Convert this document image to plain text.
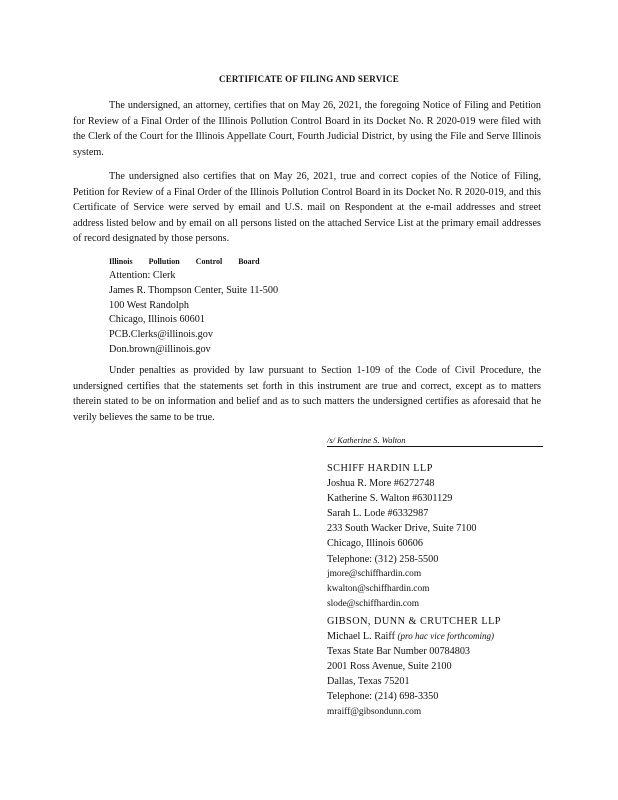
CERTIFICATE OF FILING AND SERVICE

The undersigned, an attorney, certifies that on May 26, 2021, the foregoing Notice of Filing and Petition for Review of a Final Order of the Illinois Pollution Control Board in its Docket No. R 2020-019 were filed with the Clerk of the Court for the Illinois Appellate Court, Fourth Judicial District, by using the File and Serve Illinois system.

The undersigned also certifies that on May 26, 2021, true and correct copies of the Notice of Filing, Petition for Review of a Final Order of the Illinois Pollution Control Board in its Docket No. R 2020-019, and this Certificate of Service were served by email and U.S. mail on Respondent at the e-mail addresses and street address listed below and by email on all persons listed on the attached Service List at the primary email addresses of record designated by those persons.

Illinois Pollution Control Board
Attention: Clerk
James R. Thompson Center, Suite 11-500
100 West Randolph
Chicago, Illinois 60601
PCB.Clerks@illinois.gov
Don.brown@illinois.gov

Under penalties as provided by law pursuant to Section 1-109 of the Code of Civil Procedure, the undersigned certifies that the statements set forth in this instrument are true and correct, except as to matters therein stated to be on information and belief and as to such matters the undersigned certifies as aforesaid that he verily believes the same to be true.

/s/ Katherine S. Walton
SCHIFF HARDIN LLP
Joshua R. More #6272748
Katherine S. Walton #6301129
Sarah L. Lode #6332987
233 South Wacker Drive, Suite 7100
Chicago, Illinois 60606
Telephone: (312) 258-5500
jmore@schiffhardin.com
kwalton@schiffhardin.com
slode@schiffhardin.com
GIBSON, DUNN & CRUTCHER LLP
Michael L. Raiff (pro hac vice forthcoming)
Texas State Bar Number 00784803
2001 Ross Avenue, Suite 2100
Dallas, Texas 75201
Telephone: (214) 698-3350
mraiff@gibsondunn.com
